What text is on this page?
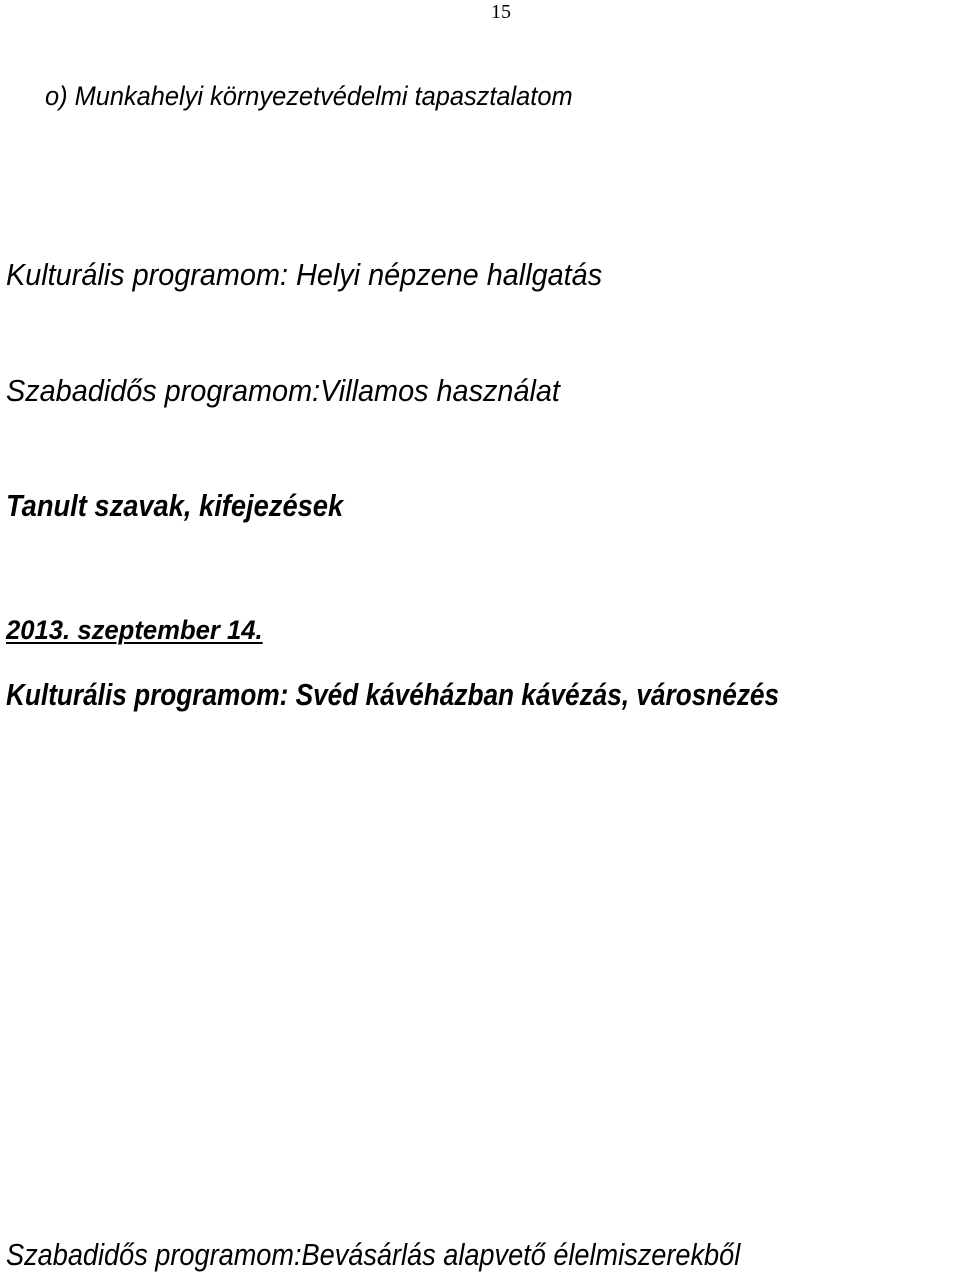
15
o) Munkahelyi környezetvédelmi tapasztalatom
Kulturális programom: Helyi népzene hallgatás
Szabadidős programom:Villamos használat
Tanult szavak, kifejezések
2013. szeptember 14.
Kulturális programom: Svéd kávéházban kávézás, városnézés
Szabadidős programom:Bevásárlás alapvető élelmiszerekből
